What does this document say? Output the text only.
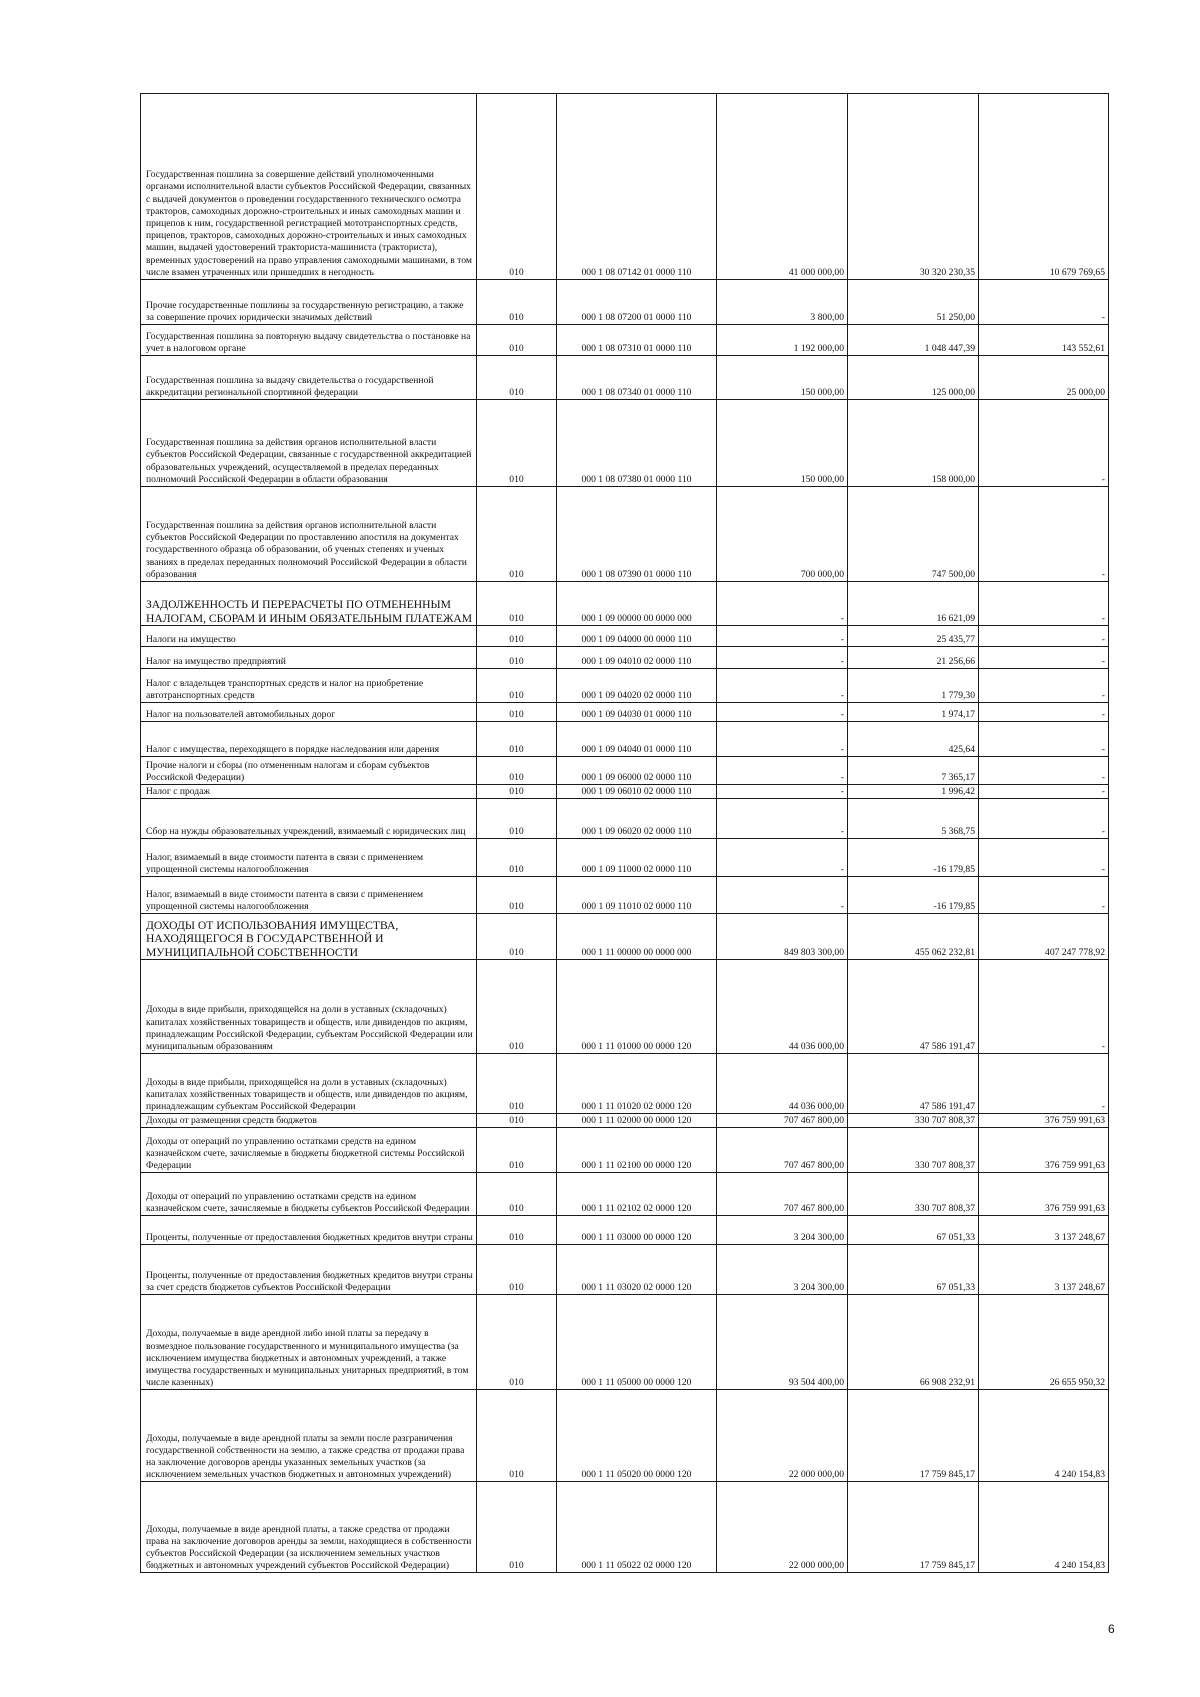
Государственная пошлина за совершение действий уполномоченными органами исполнительной власти субъектов Российской Федерации, связанных с выдачей документов о проведении государственного технического осмотра тракторов, самоходных дорожно-строительных и иных самоходных машин и прицепов к ним, государственной регистрацией мототранспортных средств, прицепов, тракторов, самоходных дорожно-строительных и иных самоходных машин, выдачей удостоверений тракториста-машиниста (тракториста), временных удостоверений на право управления самоходными машинами, в том числе взамен утраченных или пришедших в негодность	010	000 1 08 07142 01 0000 110	41 000 000,00	30 320 230,35	10 679 769,65

Прочие государственные пошлины за государственную регистрацию, а также за совершение прочих юридически значимых действий	010	000 1 08 07200 01 0000 110	3 800,00	51 250,00	-

Государственная пошлина за повторную выдачу свидетельства о постановке на учет в налоговом органе	010	000 1 08 07310 01 0000 110	1 192 000,00	1 048 447,39	143 552,61

Государственная пошлина за выдачу свидетельства о государственной аккредитации региональной спортивной федерации	010	000 1 08 07340 01 0000 110	150 000,00	125 000,00	25 000,00

Государственная пошлина за действия органов исполнительной власти субъектов Российской Федерации, связанные с государственной аккредитацией образовательных учреждений, осуществляемой в пределах переданных полномочий Российской Федерации в области образования	010	000 1 08 07380 01 0000 110	150 000,00	158 000,00	-

Государственная пошлина за действия органов исполнительной власти субъектов Российской Федерации по проставлению апостиля на документах государственного образца об образовании, об ученых степенях и ученых званиях в пределах переданных полномочий Российской Федерации в области образования	010	000 1 08 07390 01 0000 110	700 000,00	747 500,00	-

ЗАДОЛЖЕННОСТЬ И ПЕРЕРАСЧЕТЫ ПО ОТМЕНЕННЫМ НАЛОГАМ, СБОРАМ И ИНЫМ ОБЯЗАТЕЛЬНЫМ ПЛАТЕЖАМ	010	000 1 09 00000 00 0000 000	-	16 621,09	-

Налоги на имущество	010	000 1 09 04000 00 0000 110	-	25 435,77	-

Налог на имущество предприятий	010	000 1 09 04010 02 0000 110	-	21 256,66	-

Налог с владельцев транспортных средств и налог на приобретение автотранспортных средств	010	000 1 09 04020 02 0000 110	-	1 779,30	-

Налог на пользователей автомобильных дорог	010	000 1 09 04030 01 0000 110	-	1 974,17	-

Налог с имущества, переходящего в порядке наследования или дарения	010	000 1 09 04040 01 0000 110	-	425,64	-

Прочие налоги и сборы (по отмененным налогам и сборам субъектов Российской Федерации)	010	000 1 09 06000 02 0000 110	-	7 365,17	-

Налог с продаж	010	000 1 09 06010 02 0000 110	-	1 996,42	-

Сбор на нужды образовательных учреждений, взимаемый с юридических лиц	010	000 1 09 06020 02 0000 110	-	5 368,75	-

Налог, взимаемый в виде стоимости патента в связи с применением упрощенной системы налогообложения	010	000 1 09 11000 02 0000 110	-	-16 179,85	-

Налог, взимаемый в виде стоимости патента в связи с применением упрощенной системы налогообложения	010	000 1 09 11010 02 0000 110	-	-16 179,85	-

ДОХОДЫ ОТ ИСПОЛЬЗОВАНИЯ ИМУЩЕСТВА, НАХОДЯЩЕГОСЯ В ГОСУДАРСТВЕННОЙ И МУНИЦИПАЛЬНОЙ СОБСТВЕННОСТИ	010	000 1 11 00000 00 0000 000	849 803 300,00	455 062 232,81	407 247 778,92

Доходы в виде прибыли, приходящейся на доли в уставных (складочных) капиталах хозяйственных товариществ и обществ, или дивидендов по акциям, принадлежащим Российской Федерации, субъектам Российской Федерации или муниципальным образованиям	010	000 1 11 01000 00 0000 120	44 036 000,00	47 586 191,47	-

Доходы в виде прибыли, приходящейся на доли в уставных (складочных) капиталах хозяйственных товариществ и обществ, или дивидендов по акциям, принадлежащим субъектам Российской Федерации	010	000 1 11 01020 02 0000 120	44 036 000,00	47 586 191,47	-

Доходы от размещения средств бюджетов	010	000 1 11 02000 00 0000 120	707 467 800,00	330 707 808,37	376 759 991,63

Доходы от операций по управлению остатками средств на едином казначейском счете, зачисляемые в бюджеты бюджетной системы Российской Федерации	010	000 1 11 02100 00 0000 120	707 467 800,00	330 707 808,37	376 759 991,63

Доходы от операций по управлению остатками средств на едином казначейском счете, зачисляемые в бюджеты субъектов Российской Федерации	010	000 1 11 02102 02 0000 120	707 467 800,00	330 707 808,37	376 759 991,63

Проценты, полученные от предоставления бюджетных кредитов внутри страны	010	000 1 11 03000 00 0000 120	3 204 300,00	67 051,33	3 137 248,67

Проценты, полученные от предоставления бюджетных кредитов внутри страны за счет средств бюджетов субъектов Российской Федерации	010	000 1 11 03020 02 0000 120	3 204 300,00	67 051,33	3 137 248,67

Доходы, получаемые в виде арендной либо иной платы за передачу в возмездное пользование государственного и муниципального имущества (за исключением имущества бюджетных и автономных учреждений, а также имущества государственных и муниципальных унитарных предприятий, в том числе казенных)	010	000 1 11 05000 00 0000 120	93 504 400,00	66 908 232,91	26 655 950,32

Доходы, получаемые в виде арендной платы за земли после разграничения государственной собственности на землю, а также средства от продажи права на заключение договоров аренды указанных земельных участков (за исключением земельных участков бюджетных и автономных учреждений)	010	000 1 11 05020 00 0000 120	22 000 000,00	17 759 845,17	4 240 154,83

Доходы, получаемые в виде арендной платы, а также средства от продажи права на заключение договоров аренды за земли, находящиеся в собственности субъектов Российской Федерации (за исключением земельных участков бюджетных и автономных учреждений субъектов Российской Федерации)	010	000 1 11 05022 02 0000 120	22 000 000,00	17 759 845,17	4 240 154,83
6
